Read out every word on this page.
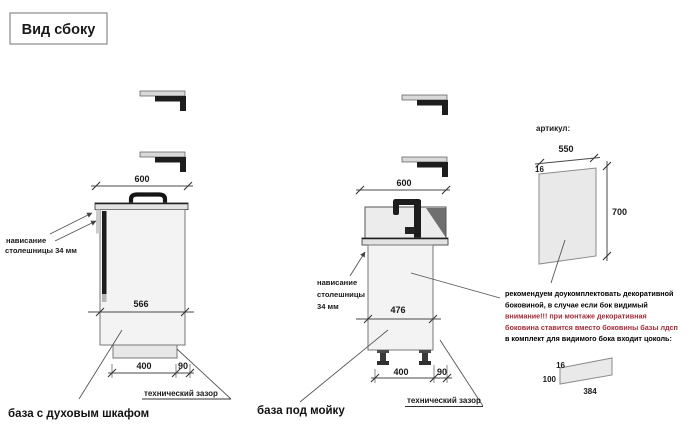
Вид сбоку
600
566
400	90
технический зазор
нависание
столешницы 34 мм
база с духовым шкафом
600
476
400	90
технический зазор
нависание
столешницы
34 мм
база под мойку
артикул:
550
16
700
рекомендуем доукомплектовать декоративной
боковиной, в случае если бок видимый
внимание!!! при монтаже декоративная
боковина ставится вместо боковины базы лдсп
в комплект для видимого бока входит цоколь:
16
100
384
